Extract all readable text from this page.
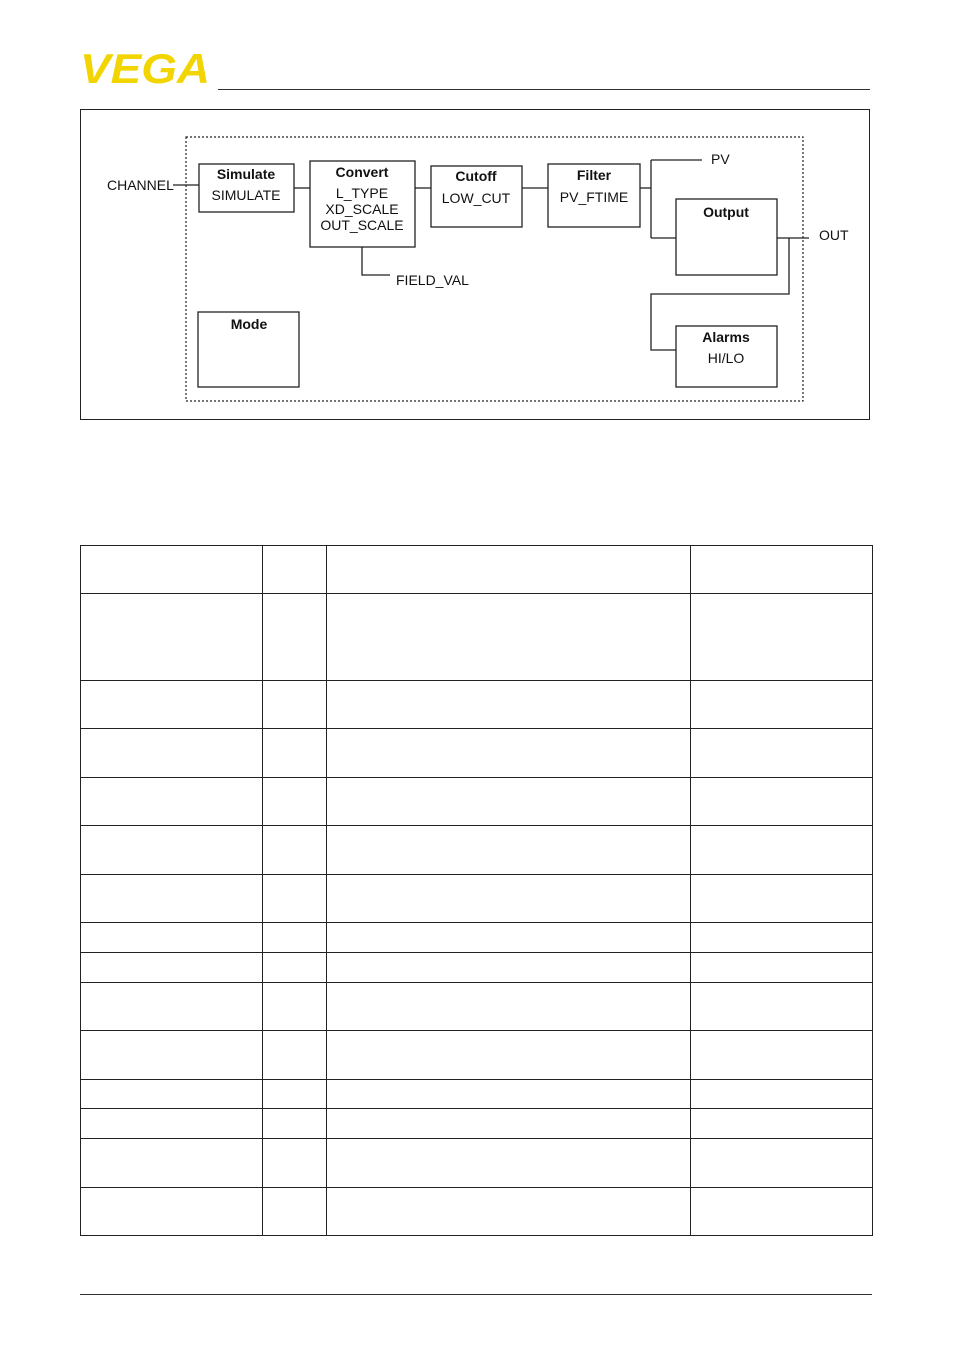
VEGA
CHANNEL
FIELD_VAL
PV
OUT
Simulate
SIMULATE
Convert
L_TYPE
XD_SCALE
OUT_SCALE
Cutoff
LOW_CUT
Filter
PV_FTIME
Output
Mode
Alarms
HI/LO
